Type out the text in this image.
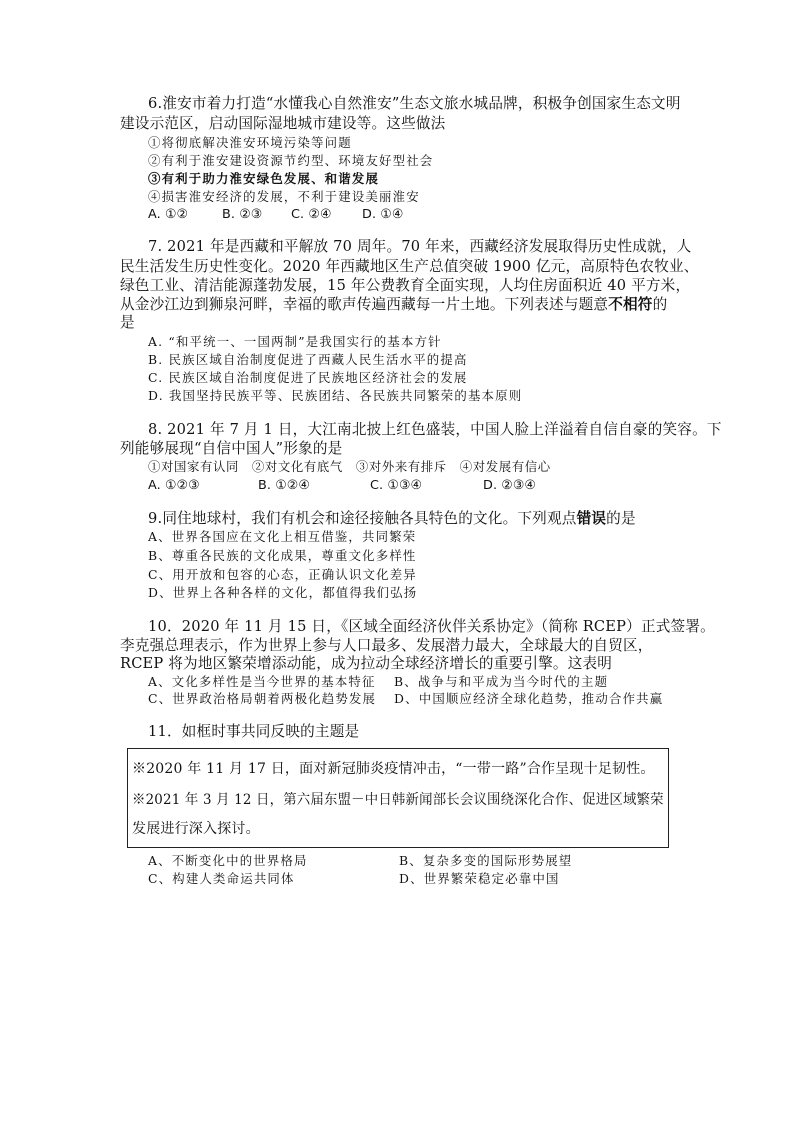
6.淮安市着力打造“水懂我心自然淮安”生态文旅水城品牌，积极争创国家生态文明
建设示范区，启动国际湿地城市建设等。这些做法
①将彻底解决淮安环境污染等问题
②有利于淮安建设资源节约型、环境友好型社会
③有利于助力淮安绿色发展、和谐发展
④损害淮安经济的发展，不利于建设美丽淮安
A. ①②	B. ②③ C. ②④ D. ①④
7. 2021 年是西藏和平解放 70 周年。70 年来，西藏经济发展取得历史性成就，人
民生活发生历史性变化。2020 年西藏地区生产总值突破 1900 亿元，高原特色农牧业、
绿色工业、清洁能源蓬勃发展，15 年公费教育全面实现，人均住房面积近 40 平方米，
从金沙江边到狮泉河畔，幸福的歌声传遍西藏每一片土地。下列表述与题意不相符的
是
A. “和平统一、一国两制”是我国实行的基本方针
B. 民族区域自治制度促进了西藏人民生活水平的提高
C. 民族区域自治制度促进了民族地区经济社会的发展
D. 我国坚持民族平等、民族团结、各民族共同繁荣的基本原则
8. 2021 年 7 月 1 日，大江南北披上红色盛装，中国人脸上洋溢着自信自豪的笑容。下
列能够展现“自信中国人”形象的是
①对国家有认同　②对文化有底气　③对外来有排斥　④对发展有信心
A. ①②③	B. ①②④	C. ①③④	D. ②③④
9.同住地球村，我们有机会和途径接触各具特色的文化。下列观点错误的是
A、世界各国应在文化上相互借鉴，共同繁荣
B、尊重各民族的文化成果，尊重文化多样性
C、用开放和包容的心态，正确认识文化差异
D、世界上各种各样的文化，都值得我们弘扬
10．2020 年 11 月 15 日，《区域全面经济伙伴关系协定》（简称 RCEP）正式签署。
李克强总理表示，作为世界上参与人口最多、发展潜力最大，全球最大的自贸区，
RCEP 将为地区繁荣增添动能，成为拉动全球经济增长的重要引擎。这表明
A、文化多样性是当今世界的基本特征 B、战争与和平成为当今时代的主题
C、世界政治格局朝着两极化趋势发展 D、中国顺应经济全球化趋势，推动合作共赢
11．如框时事共同反映的主题是
※2020 年 11 月 17 日，面对新冠肺炎疫情冲击，“一带一路”合作呈现十足韧性。
※2021 年 3 月 12 日，第六届东盟－中日韩新闻部长会议围绕深化合作、促进区域繁荣
发展进行深入探讨。
A、不断变化中的世界格局	B、复杂多变的国际形势展望
C、构建人类命运共同体	D、世界繁荣稳定必靠中国
